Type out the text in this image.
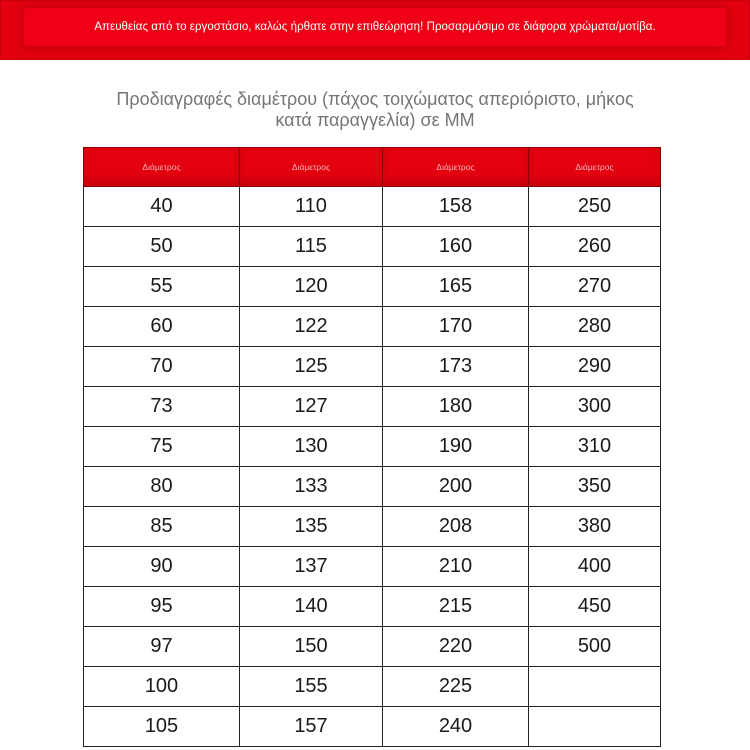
Απευθείας από το εργοστάσιο, καλώς ήρθατε στην επιθεώρηση! Προσαρμόσιμο σε διάφορα χρώματα/μοτίβα.
Προδιαγραφές διαμέτρου (πάχος τοιχώματος απεριόριστο, μήκος
κατά παραγγελία) σε MM
Διάμετρος	Διάμετρος	Διάμετρος	Διάμετρος
40	110	158	250
50	115	160	260
55	120	165	270
60	122	170	280
70	125	173	290
73	127	180	300
75	130	190	310
80	133	200	350
85	135	208	380
90	137	210	400
95	140	215	450
97	150	220	500
100	155	225	
105	157	240	
